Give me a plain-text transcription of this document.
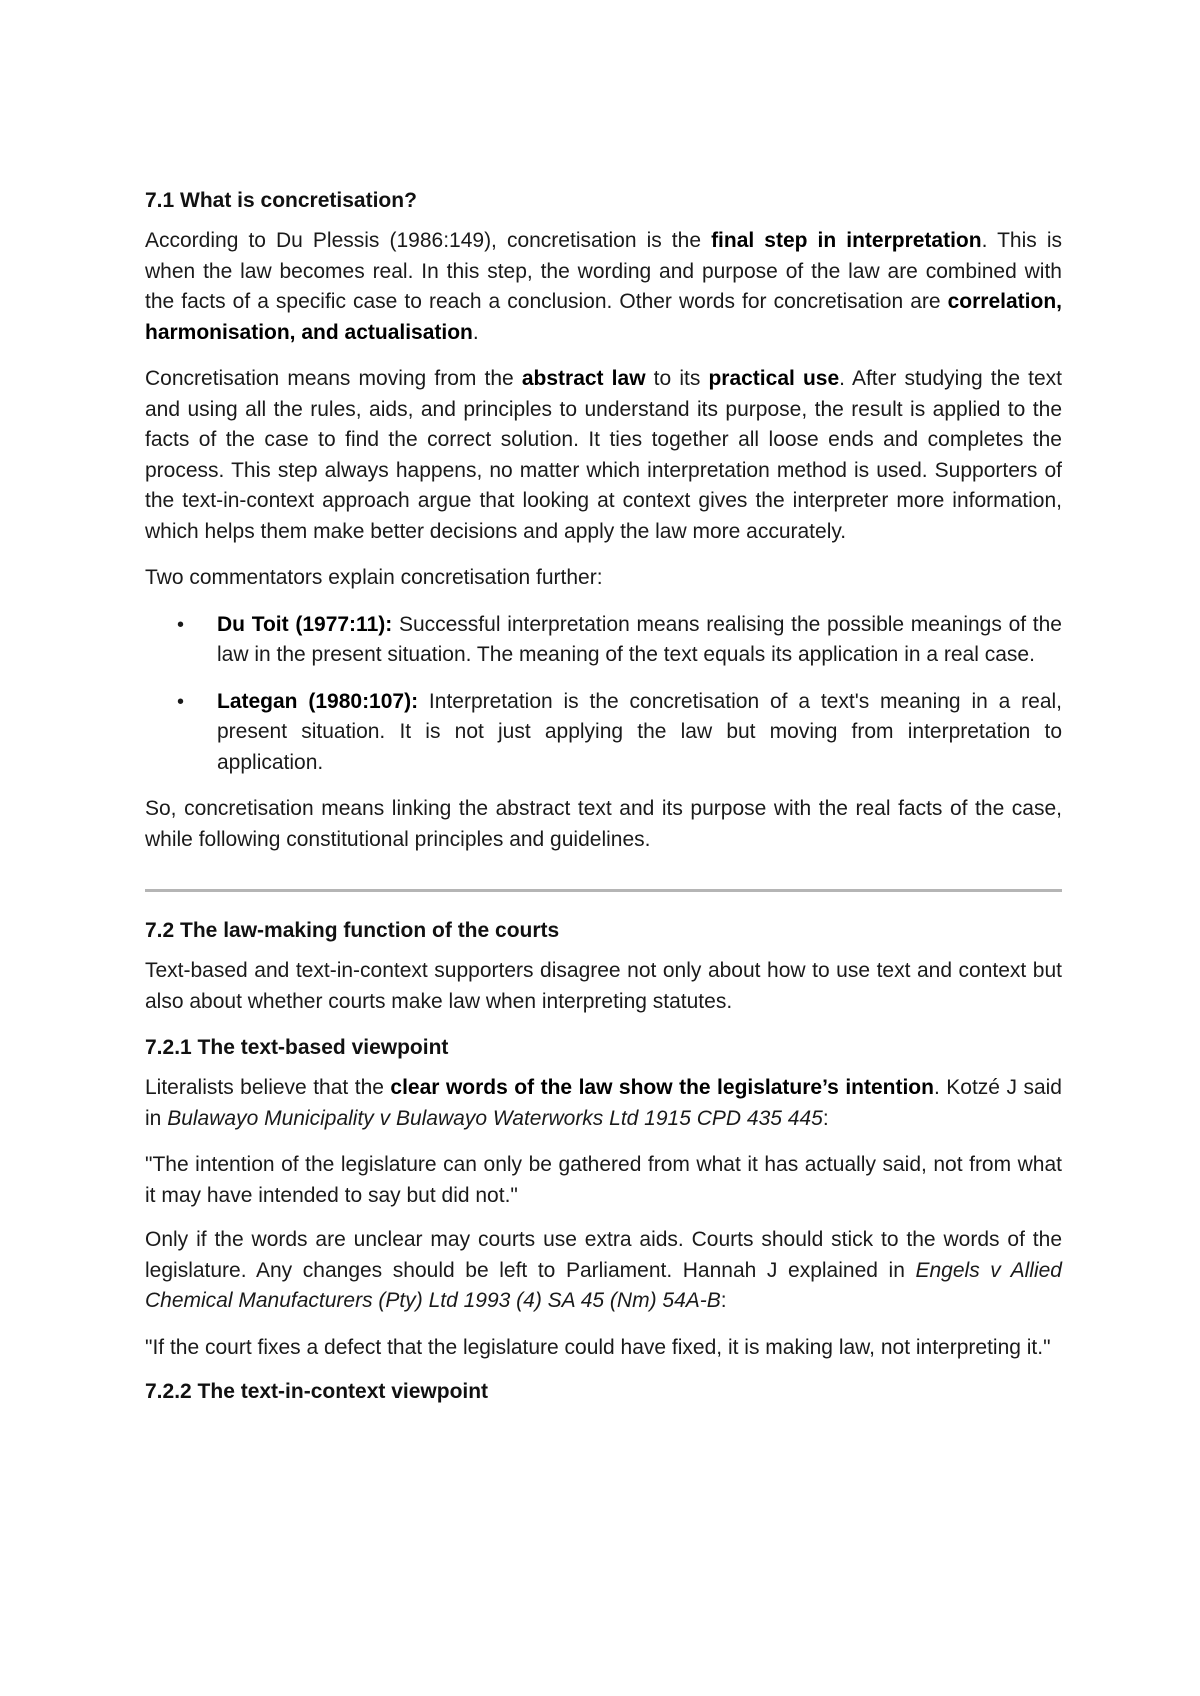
7.1 What is concretisation?

According to Du Plessis (1986:149), concretisation is the final step in interpretation. This is when the law becomes real. In this step, the wording and purpose of the law are combined with the facts of a specific case to reach a conclusion. Other words for concretisation are correlation, harmonisation, and actualisation.

Concretisation means moving from the abstract law to its practical use. After studying the text and using all the rules, aids, and principles to understand its purpose, the result is applied to the facts of the case to find the correct solution. It ties together all loose ends and completes the process. This step always happens, no matter which interpretation method is used. Supporters of the text-in-context approach argue that looking at context gives the interpreter more information, which helps them make better decisions and apply the law more accurately.

Two commentators explain concretisation further:

• Du Toit (1977:11): Successful interpretation means realising the possible meanings of the law in the present situation. The meaning of the text equals its application in a real case.
• Lategan (1980:107): Interpretation is the concretisation of a text's meaning in a real, present situation. It is not just applying the law but moving from interpretation to application.

So, concretisation means linking the abstract text and its purpose with the real facts of the case, while following constitutional principles and guidelines.

7.2 The law-making function of the courts

Text-based and text-in-context supporters disagree not only about how to use text and context but also about whether courts make law when interpreting statutes.

7.2.1 The text-based viewpoint

Literalists believe that the clear words of the law show the legislature’s intention. Kotzé J said in Bulawayo Municipality v Bulawayo Waterworks Ltd 1915 CPD 435 445:

"The intention of the legislature can only be gathered from what it has actually said, not from what it may have intended to say but did not."

Only if the words are unclear may courts use extra aids. Courts should stick to the words of the legislature. Any changes should be left to Parliament. Hannah J explained in Engels v Allied Chemical Manufacturers (Pty) Ltd 1993 (4) SA 45 (Nm) 54A-B:

"If the court fixes a defect that the legislature could have fixed, it is making law, not interpreting it."

7.2.2 The text-in-context viewpoint
